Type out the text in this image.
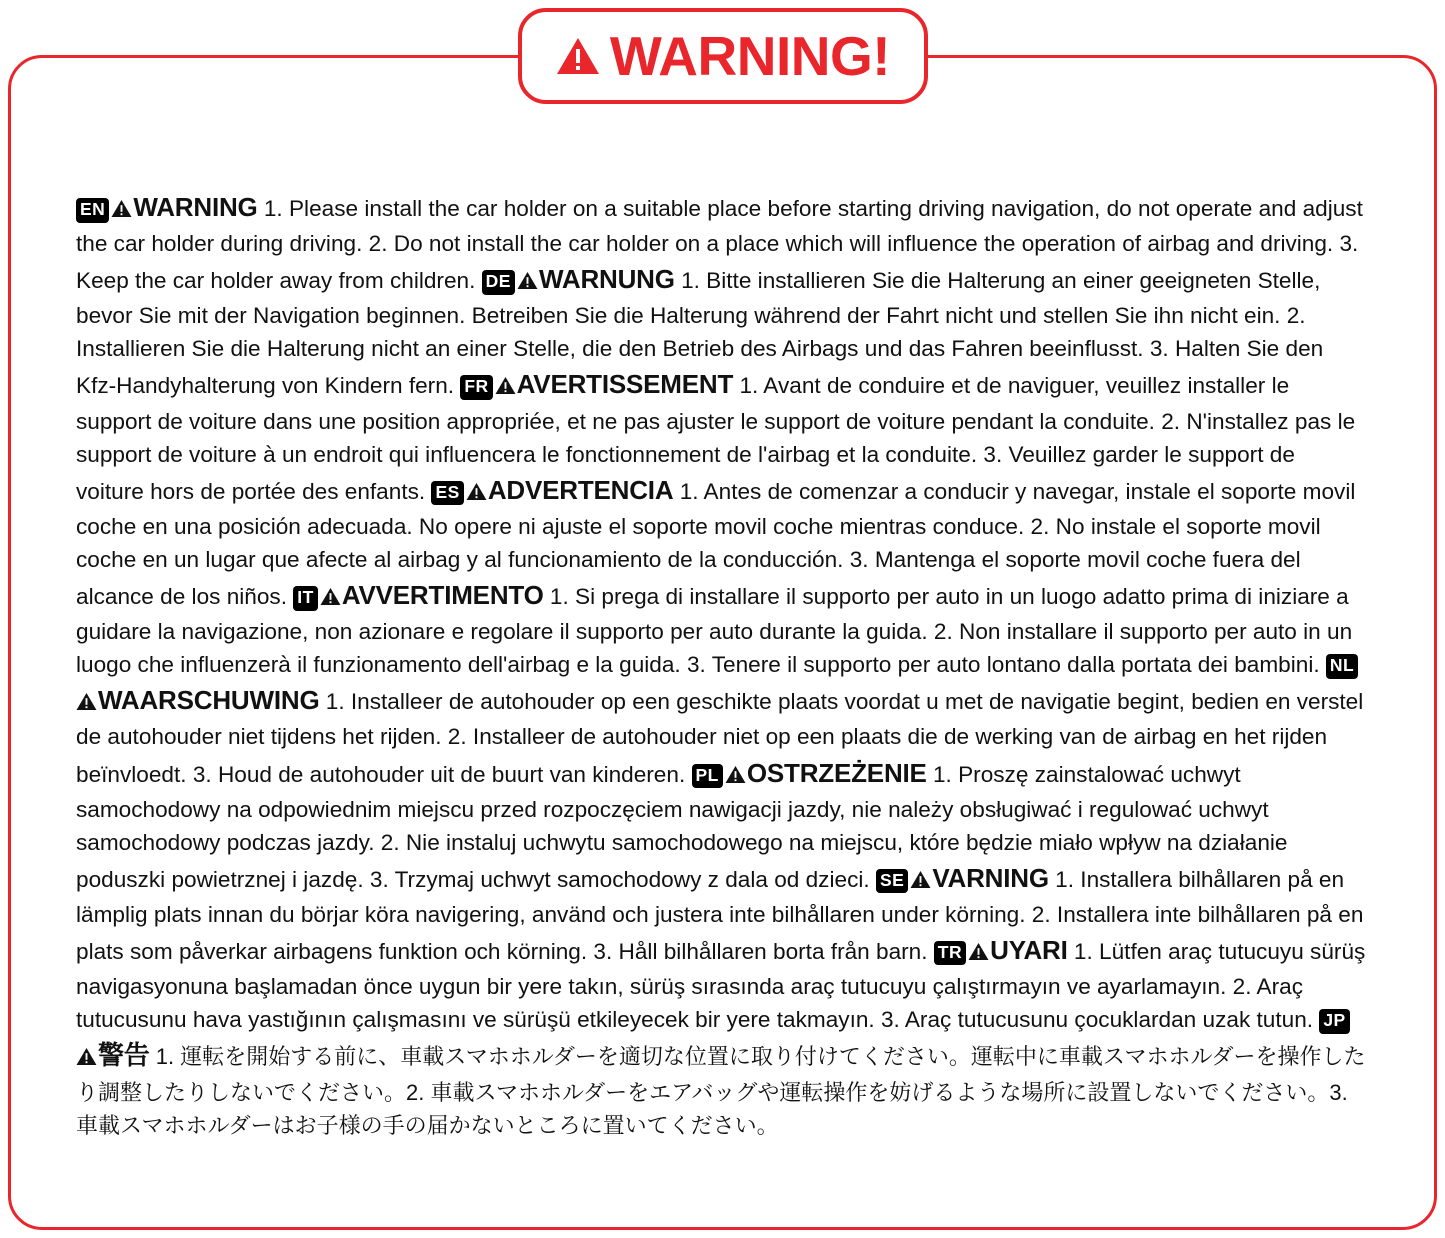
WARNING!
EN WARNING 1. Please install the car holder on a suitable place before starting driving navigation, do not operate and adjust the car holder during driving. 2. Do not install the car holder on a place which will influence the operation of airbag and driving. 3. Keep the car holder away from children. DE WARNUNG 1. Bitte installieren Sie die Halterung an einer geeigneten Stelle, bevor Sie mit der Navigation beginnen. Betreiben Sie die Halterung während der Fahrt nicht und stellen Sie ihn nicht ein. 2. Installieren Sie die Halterung nicht an einer Stelle, die den Betrieb des Airbags und das Fahren beeinflusst. 3. Halten Sie den Kfz-Handyhalterung von Kindern fern. FR AVERTISSEMENT 1. Avant de conduire et de naviguer, veuillez installer le support de voiture dans une position appropriée, et ne pas ajuster le support de voiture pendant la conduite. 2. N'installez pas le support de voiture à un endroit qui influencera le fonctionnement de l'airbag et la conduite. 3. Veuillez garder le support de voiture hors de portée des enfants. ES ADVERTENCIA 1. Antes de comenzar a conducir y navegar, instale el soporte movil coche en una posición adecuada. No opere ni ajuste el soporte movil coche mientras conduce. 2. No instale el soporte movil coche en un lugar que afecte al airbag y al funcionamiento de la conducción. 3. Mantenga el soporte movil coche fuera del alcance de los niños. IT AVVERTIMENTO 1. Si prega di installare il supporto per auto in un luogo adatto prima di iniziare a guidare la navigazione, non azionare e regolare il supporto per auto durante la guida. 2. Non installare il supporto per auto in un luogo che influenzerà il funzionamento dell'airbag e la guida. 3. Tenere il supporto per auto lontano dalla portata dei bambini. NLWAARSCHUWING 1. Installeer de autohouder op een geschikte plaats voordat u met de navigatie begint, bedien en verstel de autohouder niet tijdens het rijden. 2. Installeer de autohouder niet op een plaats die de werking van de airbag en het rijden beïnvloedt. 3. Houd de autohouder uit de buurt van kinderen. PL OSTRZEŻENIE 1. Proszę zainstalować uchwyt samochodowy na odpowiednim miejscu przed rozpoczęciem nawigacji jazdy, nie należy obsługiwać i regulować uchwyt samochodowy podczas jazdy. 2. Nie instaluj uchwytu samochodowego na miejscu, które będzie miało wpływ na działanie poduszki powietrznej i jazdę. 3. Trzymaj uchwyt samochodowy z dala od dzieci. SE VARNING 1. Installera bilhållaren på en lämplig plats innan du börjar köra navigering, använd och justera inte bilhållaren under körning. 2. Installera inte bilhållaren på en plats som påverkar airbagens funktion och körning. 3. Håll bilhållaren borta från barn. TR UYARI 1. Lütfen araç tutucuyu sürüş navigasyonuna başlamadan önce uygun bir yere takın, sürüş sırasında araç tutucuyu çalıştırmayın ve ayarlamayın. 2. Araç tutucusunu hava yastığının çalışmasını ve sürüşü etkileyecek bir yere takmayın. 3. Araç tutucusunu çocuklardan uzak tutun. JP警告 1. 運転を開始する前に、車載スマホホルダーを適切な位置に取り付けてください。運転中に車載スマホホルダーを操作したり調整したりしないでください。2. 車載スマホホルダーをエアバッグや運転操作を妨げるような場所に設置しないでください。3. 車載スマホホルダーはお子様の手の届かないところに置いてください。
